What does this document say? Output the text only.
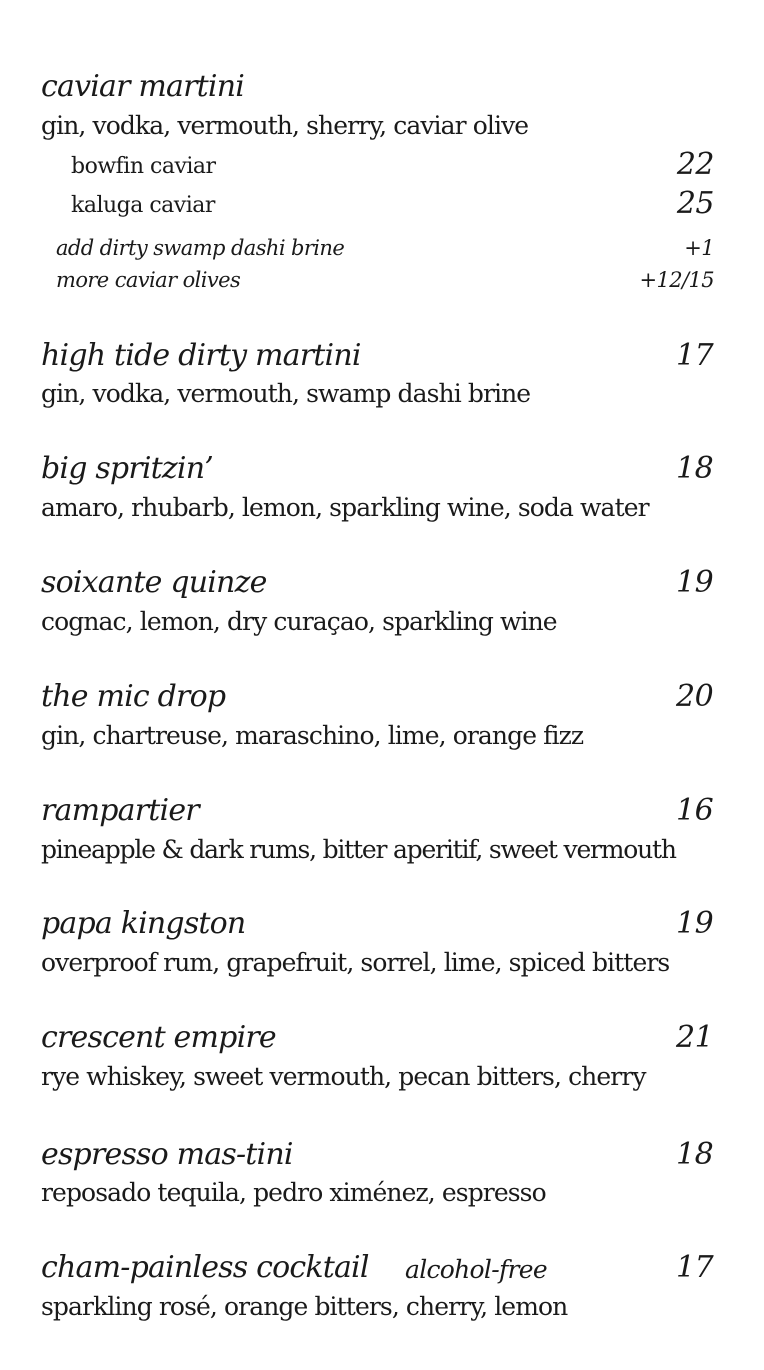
caviar martini
gin, vodka, vermouth, sherry, caviar olive
bowfin caviar	22
kaluga caviar	25
add dirty swamp dashi brine	+1
more caviar olives	+12/15
high tide dirty martini	17
gin, vodka, vermouth, swamp dashi brine
big spritzin’	18
amaro, rhubarb, lemon, sparkling wine, soda water
soixante quinze	19
cognac, lemon, dry curaçao, sparkling wine
the mic drop	20
gin, chartreuse, maraschino, lime, orange fizz
rampartier	16
pineapple & dark rums, bitter aperitif, sweet vermouth
papa kingston	19
overproof rum, grapefruit, sorrel, lime, spiced bitters
crescent empire	21
rye whiskey, sweet vermouth, pecan bitters, cherry
espresso mas-tini	18
reposado tequila, pedro ximénez, espresso
cham-painless cocktail alcohol-free	17
sparkling rosé, orange bitters, cherry, lemon
